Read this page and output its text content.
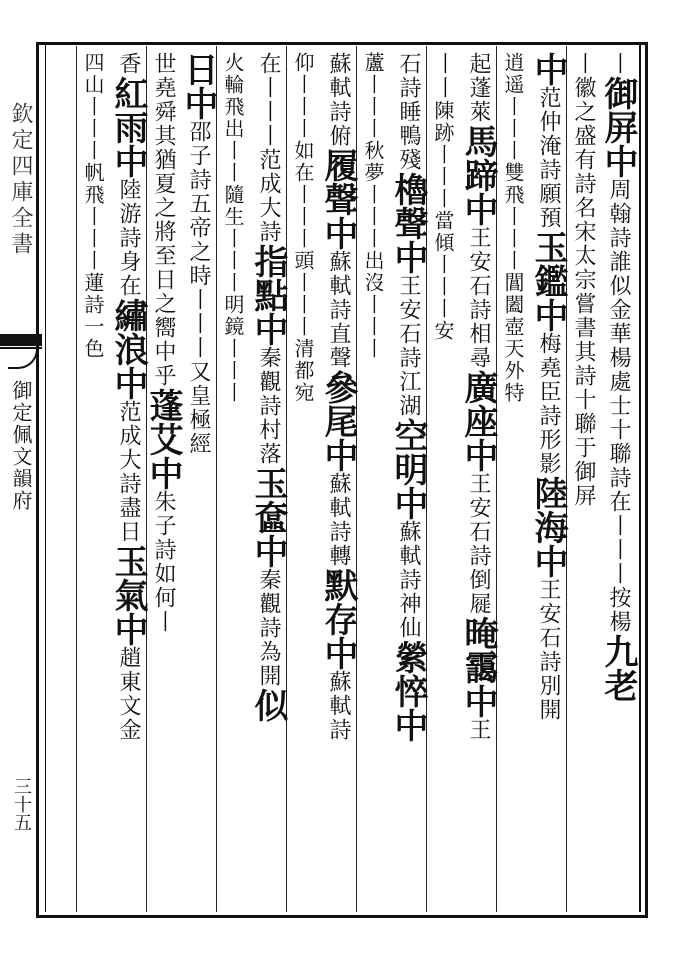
欽定四庫全書
御定佩文韻府
三十五
丨御屏中周翰詩誰似金華楊處士十聯詩在丨丨丨按楊九老
丨徽之盛有詩名宋太宗嘗書其詩十聯于御屏
中范仲淹詩願預玉鑑中梅堯臣詩形影陸海中王安石詩別開
逍遥丨丨丨雙飛丨丨丨閶闔壺天外特
起蓬萊馬蹄中王安石詩相尋廣座中王安石詩倒屣晻靄中王
丨丨陳跡丨丨丨當傾丨丨丨安
石詩睡鴨殘櫓聲中王安石詩江湖空明中蘇軾詩神仙縈悴中
蘆丨丨丨秋夢丨丨丨出沒丨丨丨
蘇軾詩俯履聲中蘇軾詩直聲參尾中蘇軾詩轉默存中蘇軾詩
仰丨丨丨如在丨丨丨頭丨丨丨清都宛
在丨丨丨范成大詩指點中秦觀詩村落玉奩中秦觀詩為開似
火輪飛出丨丨隨生丨丨丨明鏡丨丨丨
日中邵子詩五帝之時丨丨丨又皇極經
世堯舜其猶夏之將至日之嚮中乎蓬艾中朱子詩如何丨
香紅雨中陸游詩身在繡浪中范成大詩盡日玉氣中趙東文金
四山丨丨丨帆飛丨丨丨蓮詩一色
